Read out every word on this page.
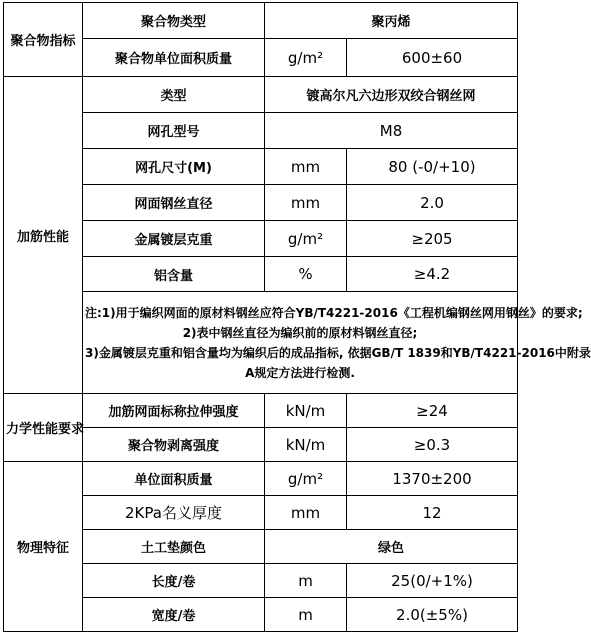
聚合物指标	聚合物类型	聚丙烯	
	聚合物单位面积质量	g/m²	600±60
加筋性能	类型	镀高尔凡六边形双绞合钢丝网	
	网孔型号	M8	
	网孔尺寸(M)	mm	80 (-0/+10)
	网面钢丝直径	mm	2.0
	金属镀层克重	g/m²	≥205
	铝含量	%	≥4.2

	注:1)用于编织网面的原材料钢丝应符合YB/T4221-2016《工程机编钢丝网用钢丝》的要求;
2)表中钢丝直径为编织前的原材料钢丝直径;
3)金属镀层克重和铝含量均为编织后的成品指标, 依据GB/T 1839和YB/T4221-2016中附录
A规定方法进行检测.		

力学性能要求	加筋网面标称拉伸强度	kN/m	≥24
	聚合物剥离强度	kN/m	≥0.3
物理特征	单位面积质量	g/m²	1370±200
	2KPa名义厚度	mm	12
	土工垫颜色	绿色	
	长度/卷	m	25(0/+1%)
	宽度/卷	m	2.0(±5%)
